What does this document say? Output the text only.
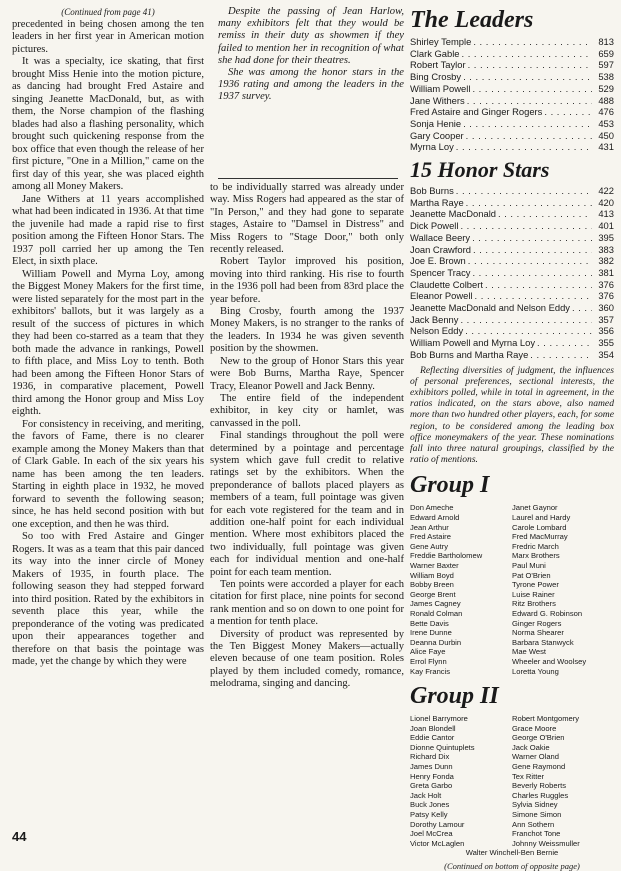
(Continued from page 41)

precedented in being chosen among the ten leaders in her first year in American motion pictures.

It was a specialty, ice skating, that first brought Miss Henie into the motion picture, as dancing had brought Fred Astaire and singing Jeanette MacDonald, but, as with them, the Norse champion of the flashing blades had also a flashing personality, which brought such quickening response from the box office that even though the release of her first picture, "One in a Million," came on the first day of this year, she was placed eighth among all Money Makers.

Jane Withers at 11 years accomplished what had been indicated in 1936. At that time the juvenile had made a rapid rise to first position among the Fifteen Honor Stars. The 1937 poll carried her up among the Ten Elect, in sixth place.

William Powell and Myrna Loy, among the Biggest Money Makers for the first time, were listed separately for the most part in the exhibitors' ballots, but it was largely as a result of the success of pictures in which they had been co-starred as a team that they both made the advance in rankings, Powell to fifth place, and Miss Loy to tenth. Both had been among the Fifteen Honor Stars of 1936, in comparative placement, Powell third among the Honor group and Miss Loy eighth.

For consistency in receiving, and meriting, the favors of Fame, there is no clearer example among the Money Makers than that of Clark Gable. In each of the six years his name has been among the ten leaders. Starting in eighth place in 1932, he moved forward to seventh the following season; since, he has held second position with but one exception, and then he was third.

So too with Fred Astaire and Ginger Rogers. It was as a team that this pair danced its way into the inner circle of Money Makers of 1935, in fourth place. The following season they had stepped forward into third position. Rated by the exhibitors in seventh place this year, while the preponderance of the voting was predicated upon their appearances together and therefore on that basis the pointage was made, yet the change by which they were

Despite the passing of Jean Harlow, many exhibitors felt that they would be remiss in their duty as showmen if they failed to mention her in recognition of what she had done for their theatres.

She was among the honor stars in the 1936 rating and among the leaders in the 1937 survey.

to be individually starred was already under way. Miss Rogers had appeared as the star of "In Person," and they had gone to separate stages, Astaire to "Damsel in Distress" and Miss Rogers to "Stage Door," both only recently released.

Robert Taylor improved his position, moving into third ranking. His rise to fourth in the 1936 poll had been from 83rd place the year before.

Bing Crosby, fourth among the 1937 Money Makers, is no stranger to the ranks of the leaders. In 1934 he was given seventh position by the showmen.

New to the group of Honor Stars this year were Bob Burns, Martha Raye, Spencer Tracy, Eleanor Powell and Jack Benny.

The entire field of the independent exhibitor, in key city or hamlet, was canvassed in the poll.

Final standings throughout the poll were determined by a pointage and percentage system which gave full credit to relative ratings set by the exhibitors. When the preponderance of ballots placed players as members of a team, full pointage was given for each vote registered for the team and in addition one-half point for each individual mention. Where most exhibitors placed the two individually, full pointage was given each for individual mention and one-half point for each team mention.

Ten points were accorded a player for each citation for first place, nine points for second rank mention and so on down to one point for a mention for tenth place.

Diversity of product was represented by the Ten Biggest Money Makers—actually eleven because of one team position. Roles played by them included comedy, romance, melodrama, singing and dancing.

The Leaders
Shirley Temple . . .	813
Clark Gable . . .	659
Robert Taylor . . .	597
Bing Crosby . . .	538
William Powell . . .	529
Jane Withers . . .	488
Fred Astaire and Ginger Rogers . . .	476
Sonja Henie . . .	453
Gary Cooper . . .	450
Myrna Loy . . .	431
15 Honor Stars
Bob Burns . . .	422
Martha Raye . . .	420
Jeanette MacDonald . . .	413
Dick Powell . . .	401
Wallace Beery . . .	395
Joan Crawford . . .	383
Joe E. Brown . . .	382
Spencer Tracy . . .	381
Claudette Colbert . . .	376
Eleanor Powell . . .	376
Jeanette MacDonald and Nelson Eddy . . .	360
Jack Benny . . .	357
Nelson Eddy . . .	356
William Powell and Myrna Loy . . .	355
Bob Burns and Martha Raye . . .	354

Reflecting diversities of judgment, the influences of personal preferences, sectional interests, the exhibitors polled, while in total in agreement, in the ratios indicated, on the stars above, also named more than two hundred other players, each, for some region, to be considered among the leading box office moneymakers of the year. These nominations fall into three natural groupings, classified by the ratio of mentions.

Group I
Don Ameche
Edward Arnold
Jean Arthur
Fred Astaire
Gene Autry
Freddie Bartholomew
Warner Baxter
William Boyd
Bobby Breen
George Brent
James Cagney
Ronald Colman
Bette Davis
Irene Dunne
Deanna Durbin
Alice Faye
Errol Flynn
Kay Francis
Janet Gaynor
Laurel and Hardy
Carole Lombard
Fred MacMurray
Fredric March
Marx Brothers
Paul Muni
Pat O'Brien
Tyrone Power
Luise Rainer
Ritz Brothers
Edward G. Robinson
Ginger Rogers
Norma Shearer
Barbara Stanwyck
Mae West
Wheeler and Woolsey
Loretta Young
Group II
Lionel Barrymore
Joan Blondell
Eddie Cantor
Dionne Quintuplets
Richard Dix
James Dunn
Henry Fonda
Greta Garbo
Jack Holt
Buck Jones
Patsy Kelly
Dorothy Lamour
Joel McCrea
Victor McLaglen
Robert Montgomery
Grace Moore
George O'Brien
Jack Oakie
Warner Oland
Gene Raymond
Tex Ritter
Beverly Roberts
Charles Ruggles
Sylvia Sidney
Simone Simon
Ann Sothern
Franchot Tone
Johnny Weissmuller
Walter Winchell-Ben Bernie
(Continued on bottom of opposite page)
44
